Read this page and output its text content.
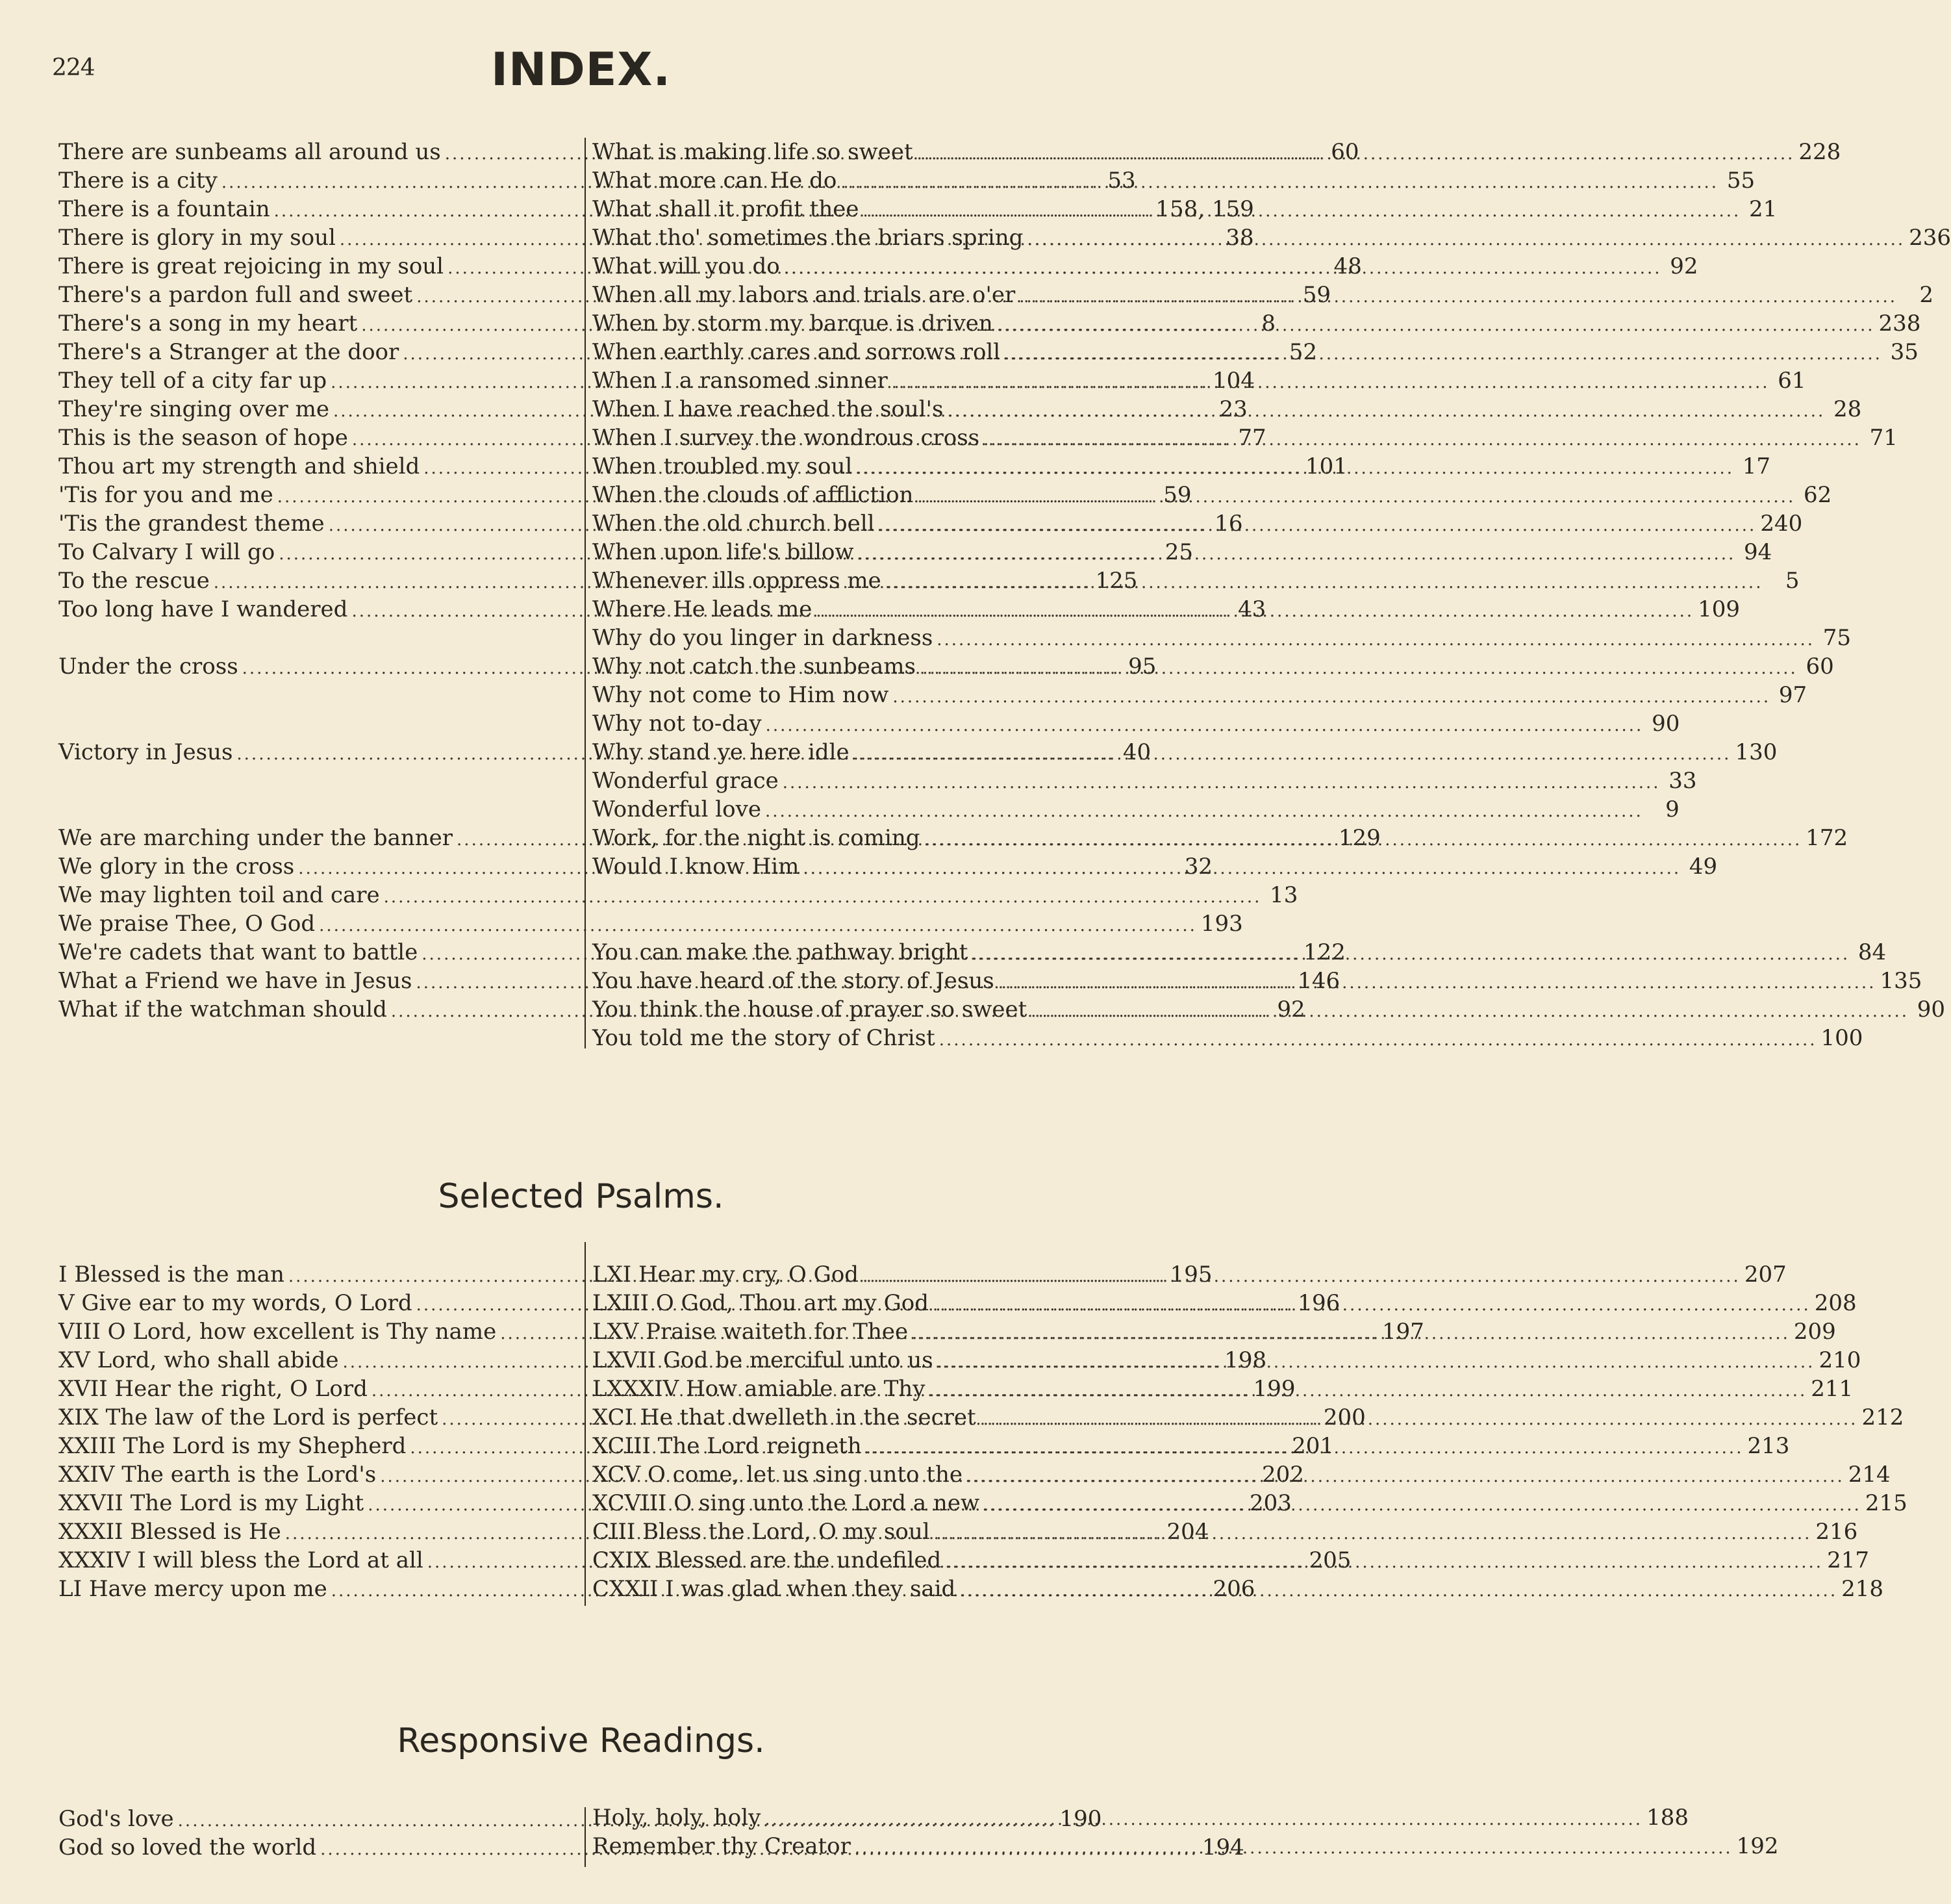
224	INDEX.
There are sunbeams all around us .....	60
There is a city .....	53
There is a fountain .....	158, 159
There is glory in my soul .....	38
There is great rejoicing in my soul .....	48
There's a pardon full and sweet .....	59
There's a song in my heart .....	8
There's a Stranger at the door .....	52
They tell of a city far up .....	104
They're singing over me .....	23
This is the season of hope .....	77
Thou art my strength and shield .....	101
'Tis for you and me .....	59
'Tis the grandest theme .....	16
To Calvary I will go .....	25
To the rescue .....	125
Too long have I wandered .....	43
Under the cross .....	95
Victory in Jesus .....	40
We are marching under the banner .....	129
We glory in the cross .....	32
We may lighten toil and care .....	13
We praise Thee, O God .....	193
We're cadets that want to battle .....	122
What a Friend we have in Jesus .....	146
What if the watchman should .....	92
What is making life so sweet .....	228
What more can He do .....	55
What shall it profit thee .....	21
What tho' sometimes the briars spring .....	236
What will you do .....	92
When all my labors and trials are o'er .....	2
When by storm my barque is driven .....	238
When earthly cares and sorrows roll .....	35
When I a ransomed sinner .....	61
When I have reached the soul's .....	28
When I survey the wondrous cross .....	71
When troubled my soul .....	17
When the clouds of affliction .....	62
When the old church bell .....	240
When upon life's billow .....	94
Whenever ills oppress me .....	5
Where He leads me .....	109
Why do you linger in darkness .....	75
Why not catch the sunbeams .....	60
Why not come to Him now .....	97
Why not to-day .....	90
Why stand ye here idle .....	130
Wonderful grace .....	33
Wonderful love .....	9
Work, for the night is coming .....	172
Would I know Him .....	49
You can make the pathway bright .....	84
You have heard of the story of Jesus .....	135
You think the house of prayer so sweet .....	90
You told me the story of Christ .....	100
Selected Psalms.
I Blessed is the man .....	195
V Give ear to my words, O Lord .....	196
VIII O Lord, how excellent is Thy name .....	197
XV Lord, who shall abide .....	198
XVII Hear the right, O Lord .....	199
XIX The law of the Lord is perfect .....	200
XXIII The Lord is my Shepherd .....	201
XXIV The earth is the Lord's .....	202
XXVII The Lord is my Light .....	203
XXXII Blessed is He .....	204
XXXIV I will bless the Lord at all .....	205
LI Have mercy upon me .....	206
LXI Hear my cry, O God .....	207
LXIII O God, Thou art my God .....	208
LXV Praise waiteth for Thee .....	209
LXVII God be merciful unto us .....	210
LXXXIV How amiable are Thy .....	211
XCI He that dwelleth in the secret .....	212
XCIII The Lord reigneth .....	213
XCV O come, let us sing unto the .....	214
XCVIII O sing unto the Lord a new .....	215
CIII Bless the Lord, O my soul .....	216
CXIX Blessed are the undefiled .....	217
CXXII I was glad when they said .....	218
Responsive Readings.
God's love .....	190
God so loved the world .....	194
Holy, holy, holy .....	188
Remember thy Creator .....	192
